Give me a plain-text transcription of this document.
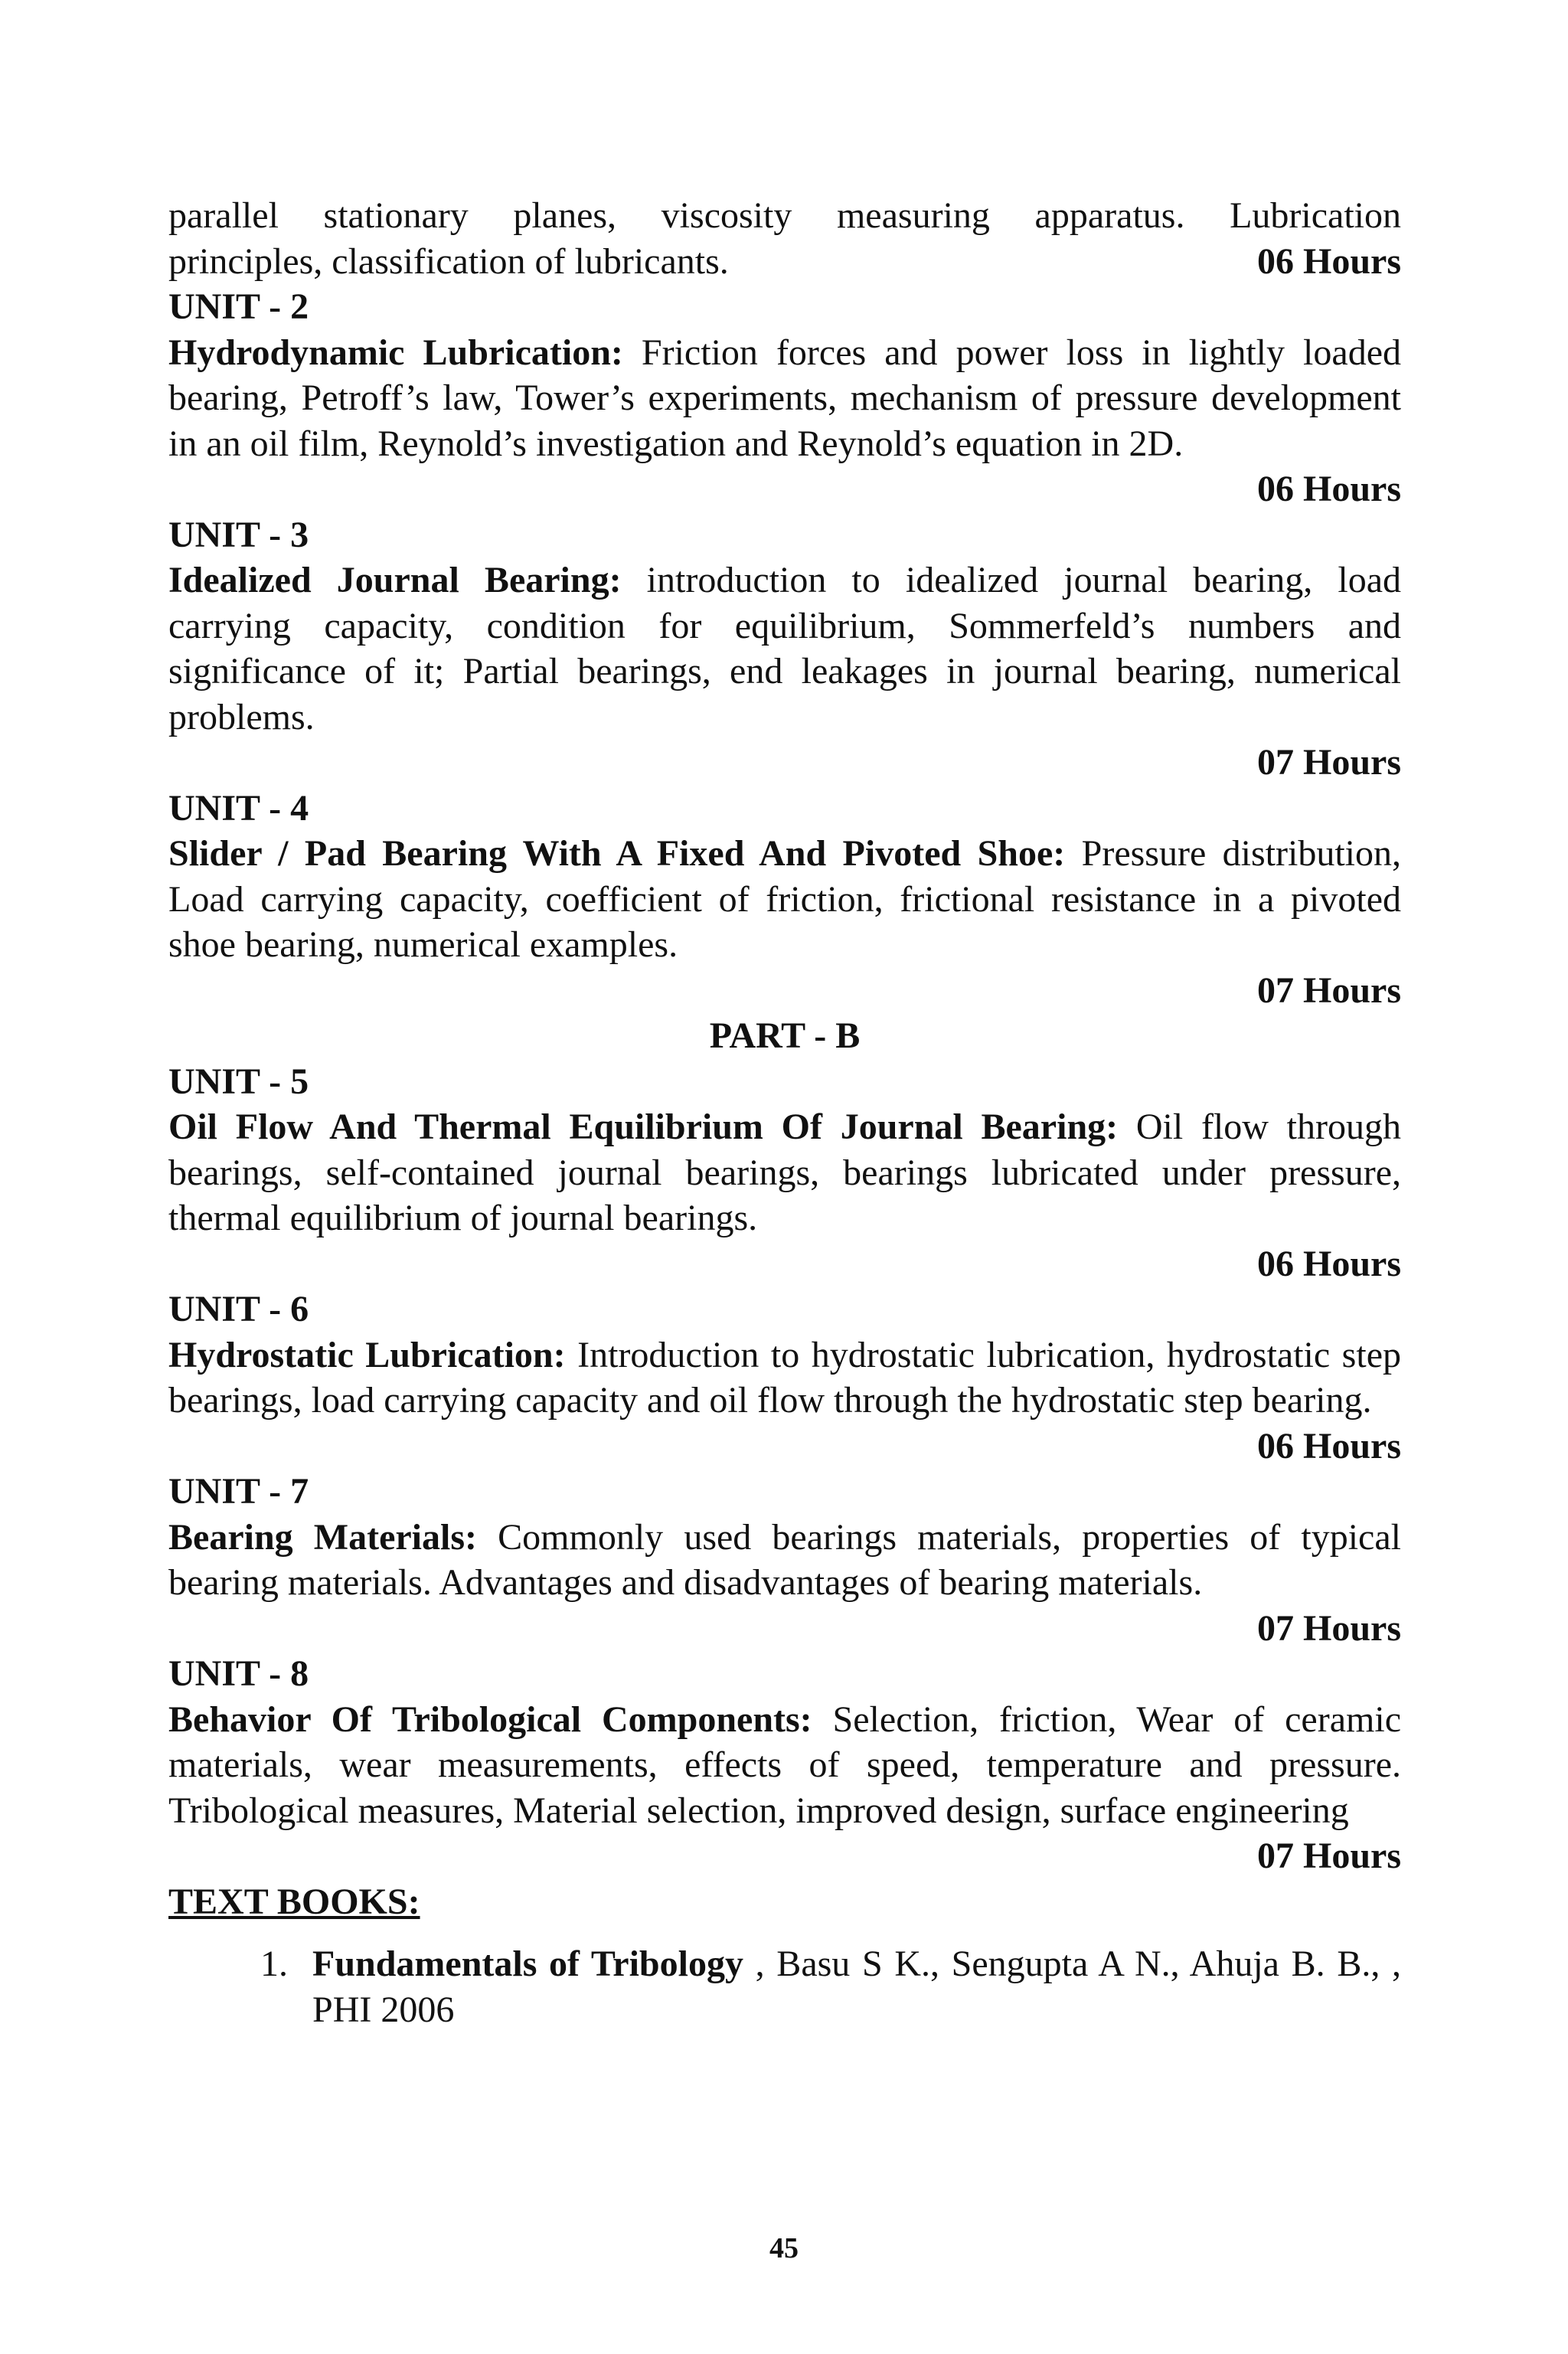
parallel stationary planes, viscosity measuring apparatus. Lubrication

principles, classification of lubricants.	06 Hours

UNIT - 2

Hydrodynamic Lubrication: Friction forces and power loss in lightly loaded bearing, Petroff’s law, Tower’s experiments, mechanism of pressure development in an oil film, Reynold’s investigation and Reynold’s equation in 2D.

06 Hours

UNIT - 3

Idealized Journal Bearing: introduction to idealized journal bearing, load carrying capacity, condition for equilibrium, Sommerfeld’s numbers and significance of it; Partial bearings, end leakages in journal bearing, numerical problems.

07 Hours

UNIT - 4

Slider / Pad Bearing With A Fixed And Pivoted Shoe: Pressure distribution, Load carrying capacity, coefficient of friction, frictional resistance in a pivoted shoe bearing, numerical examples.

07 Hours

PART - B

UNIT - 5

Oil Flow And Thermal Equilibrium Of Journal Bearing: Oil flow through bearings, self-contained journal bearings, bearings lubricated under pressure, thermal equilibrium of journal bearings.

06 Hours

UNIT - 6

Hydrostatic Lubrication: Introduction to hydrostatic lubrication, hydrostatic step bearings, load carrying capacity and oil flow through the hydrostatic step bearing.

06 Hours

UNIT - 7

Bearing Materials: Commonly used bearings materials, properties of typical bearing materials. Advantages and disadvantages of bearing materials.

07 Hours

UNIT - 8

Behavior Of Tribological Components: Selection, friction, Wear of ceramic materials, wear measurements, effects of speed, temperature and pressure. Tribological measures, Material selection, improved design, surface engineering

07 Hours

TEXT BOOKS:

1. Fundamentals of Tribology , Basu S K., Sengupta A N., Ahuja B. B., , PHI 2006
45
